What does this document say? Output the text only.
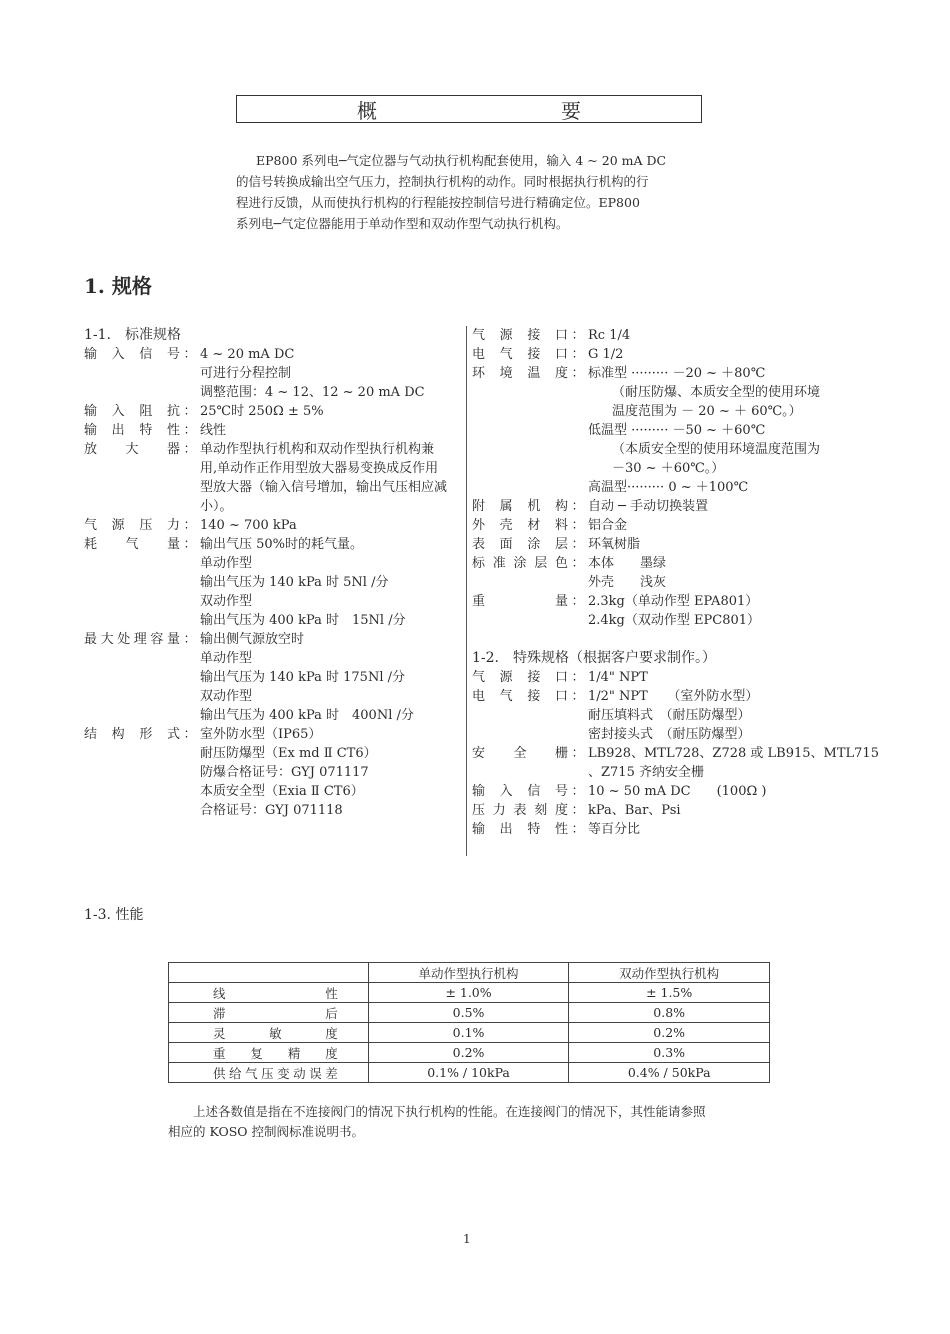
概　要
EP800 系列电─气定位器与气动执行机构配套使用，输入 4 ~ 20 mA DC
的信号转换成输出空气压力，控制执行机构的动作。同时根据执行机构的行
程进行反馈，从而使执行机构的行程能按控制信号进行精确定位。EP800
系列电─气定位器能用于单动作型和双动作型气动执行机构。
1. 规格
1-1.　标准规格
输入信号 ： 4 ~ 20 mA DC
可进行分程控制
调整范围：4 ~ 12、12 ~ 20 mA DC
输入阻抗 ： 25℃时 250Ω ± 5%
输出特性 ： 线性
放大器 ： 单动作型执行机构和双动作型执行机构兼
用,单动作正作用型放大器易变换成反作用
型放大器（输入信号增加，输出气压相应减
小）。
气源压力 ： 140 ~ 700 kPa
耗气量 ： 输出气压 50%时的耗气量。
单动作型
输出气压为 140 kPa 时 5Nl /分
双动作型
输出气压为 400 kPa 时　15Nl /分
最大处理容量 ： 输出侧气源放空时
单动作型
输出气压为 140 kPa 时 175Nl /分
双动作型
输出气压为 400 kPa 时　400Nl /分
结构形式 ： 室外防水型（IP65）
耐压防爆型（Ex md Ⅱ CT6）
防爆合格证号：GYJ 071117
本质安全型（Exia Ⅱ CT6）
合格证号：GYJ 071118
气源接口 ： Rc 1/4
电气接口 ： G 1/2
环境温度 ： 标准型 ········· －20 ~ ＋80℃
（耐压防爆、本质安全型的使用环境
温度范围为 － 20 ~ ＋ 60℃。）
低温型 ········· －50 ~ ＋60℃
（本质安全型的使用环境温度范围为
－30 ~ ＋60℃。）
高温型········· 0 ~ ＋100℃
附属机构 ： 自动 ─ 手动切换装置
外壳材料 ： 铝合金
表面涂层 ： 环氧树脂
标准涂层色 ： 本体　　墨绿
外壳　　浅灰
重量 ： 2.3kg（单动作型 EPA801）
2.4kg（双动作型 EPC801）
1-2.　特殊规格（根据客户要求制作。）
气源接口 ： 1/4" NPT
电气接口 ： 1/2" NPT　　（室外防水型）
耐压填料式　（耐压防爆型）
密封接头式　（耐压防爆型）
安全栅 ： LB928、MTL728、Z728 或 LB915、MTL715
、Z715 齐纳安全栅
输入信号 ： 10 ~ 50 mA DC　　(100Ω )
压力表刻度 ： kPa、Bar、Psi
输出特性 ： 等百分比
1-3. 性能
	单动作型执行机构	双动作型执行机构
线性	± 1.0%	± 1.5%
滞后	0.5%	0.8%
灵敏度	0.1%	0.2%
重复精度	0.2%	0.3%
供给气压变动误差	0.1% / 10kPa	0.4% / 50kPa
　　上述各数值是指在不连接阀门的情况下执行机构的性能。在连接阀门的情况下，其性能请参照
相应的 KOSO 控制阀标准说明书。
1
